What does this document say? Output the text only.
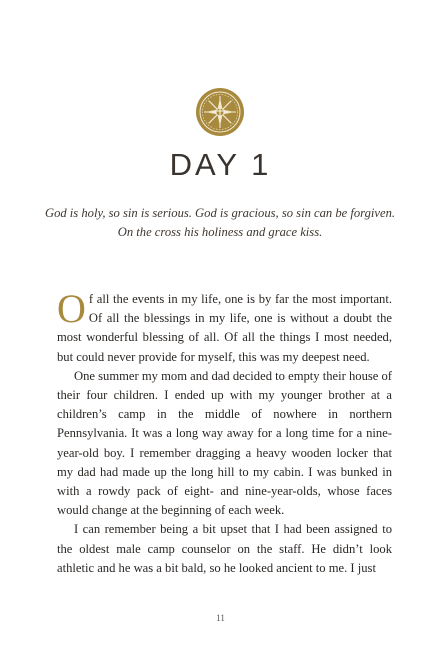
DAY 1
God is holy, so sin is serious. God is gracious, so sin can be forgiven. On the cross his holiness and grace kiss.

Of all the events in my life, one is by far the most important. Of all the blessings in my life, one is without a doubt the most wonderful blessing of all. Of all the things I most needed, but could never provide for myself, this was my deepest need.

One summer my mom and dad decided to empty their house of their four children. I ended up with my younger brother at a children’s camp in the middle of nowhere in northern Pennsylvania. It was a long way away for a long time for a nine-year-old boy. I remember dragging a heavy wooden locker that my dad had made up the long hill to my cabin. I was bunked in with a rowdy pack of eight- and nine-year-olds, whose faces would change at the beginning of each week.

I can remember being a bit upset that I had been assigned to the oldest male camp counselor on the staff. He didn’t look athletic and he was a bit bald, so he looked ancient to me. I just

11
